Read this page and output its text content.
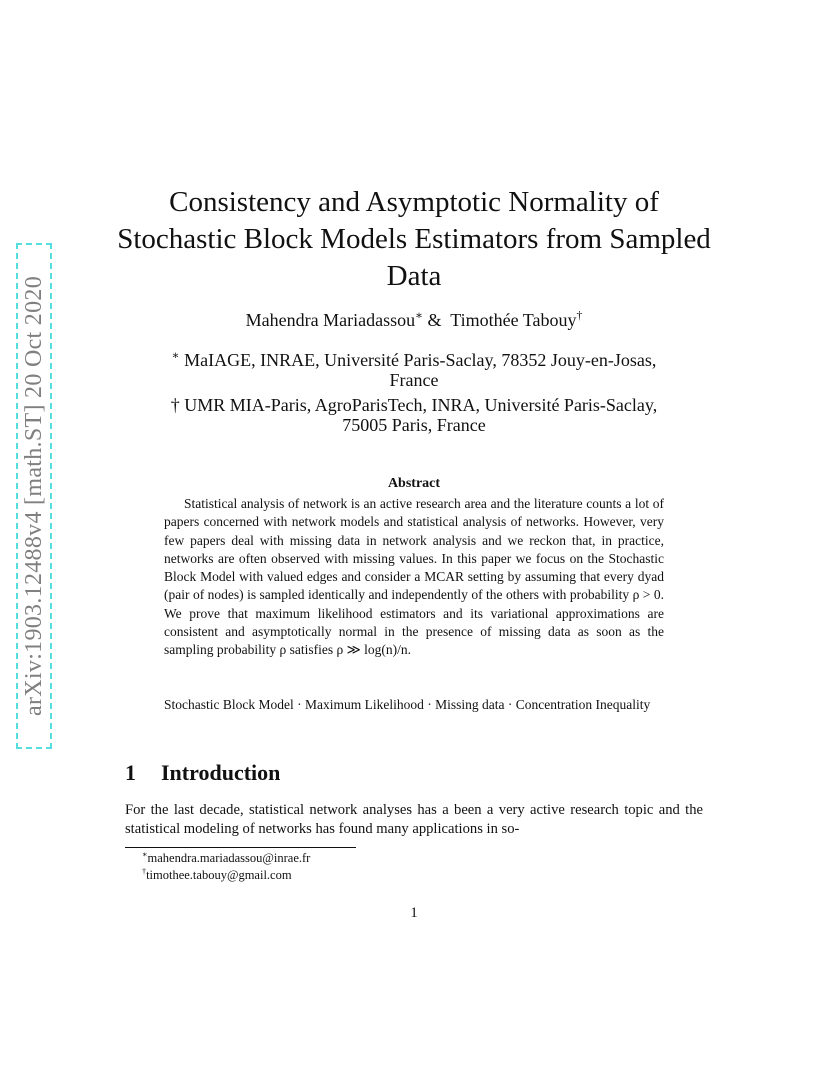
arXiv:1903.12488v4 [math.ST] 20 Oct 2020
Consistency and Asymptotic Normality of
Stochastic Block Models Estimators from Sampled
Data
Mahendra Mariadassou∗ & Timothée Tabouy†
∗ MaIAGE, INRAE, Université Paris-Saclay, 78352 Jouy-en-Josas,
France
† UMR MIA-Paris, AgroParisTech, INRA, Université Paris-Saclay,
75005 Paris, France
Abstract

Statistical analysis of network is an active research area and the literature counts a lot of papers concerned with network models and statistical analysis of networks. However, very few papers deal with missing data in network analysis and we reckon that, in practice, networks are often observed with missing values. In this paper we focus on the Stochastic Block Model with valued edges and consider a MCAR setting by assuming that every dyad (pair of nodes) is sampled identically and independently of the others with probability ρ > 0. We prove that maximum likelihood estimators and its variational approximations are consistent and asymptotically normal in the presence of missing data as soon as the sampling probability ρ satisfies ρ ≫ log(n)/n.

Stochastic Block Model · Maximum Likelihood · Missing data · Concentration Inequality

1 Introduction

For the last decade, statistical network analyses has a been a very active research topic and the statistical modeling of networks has found many applications in so-

∗mahendra.mariadassou@inrae.fr
†timothee.tabouy@gmail.com
1
